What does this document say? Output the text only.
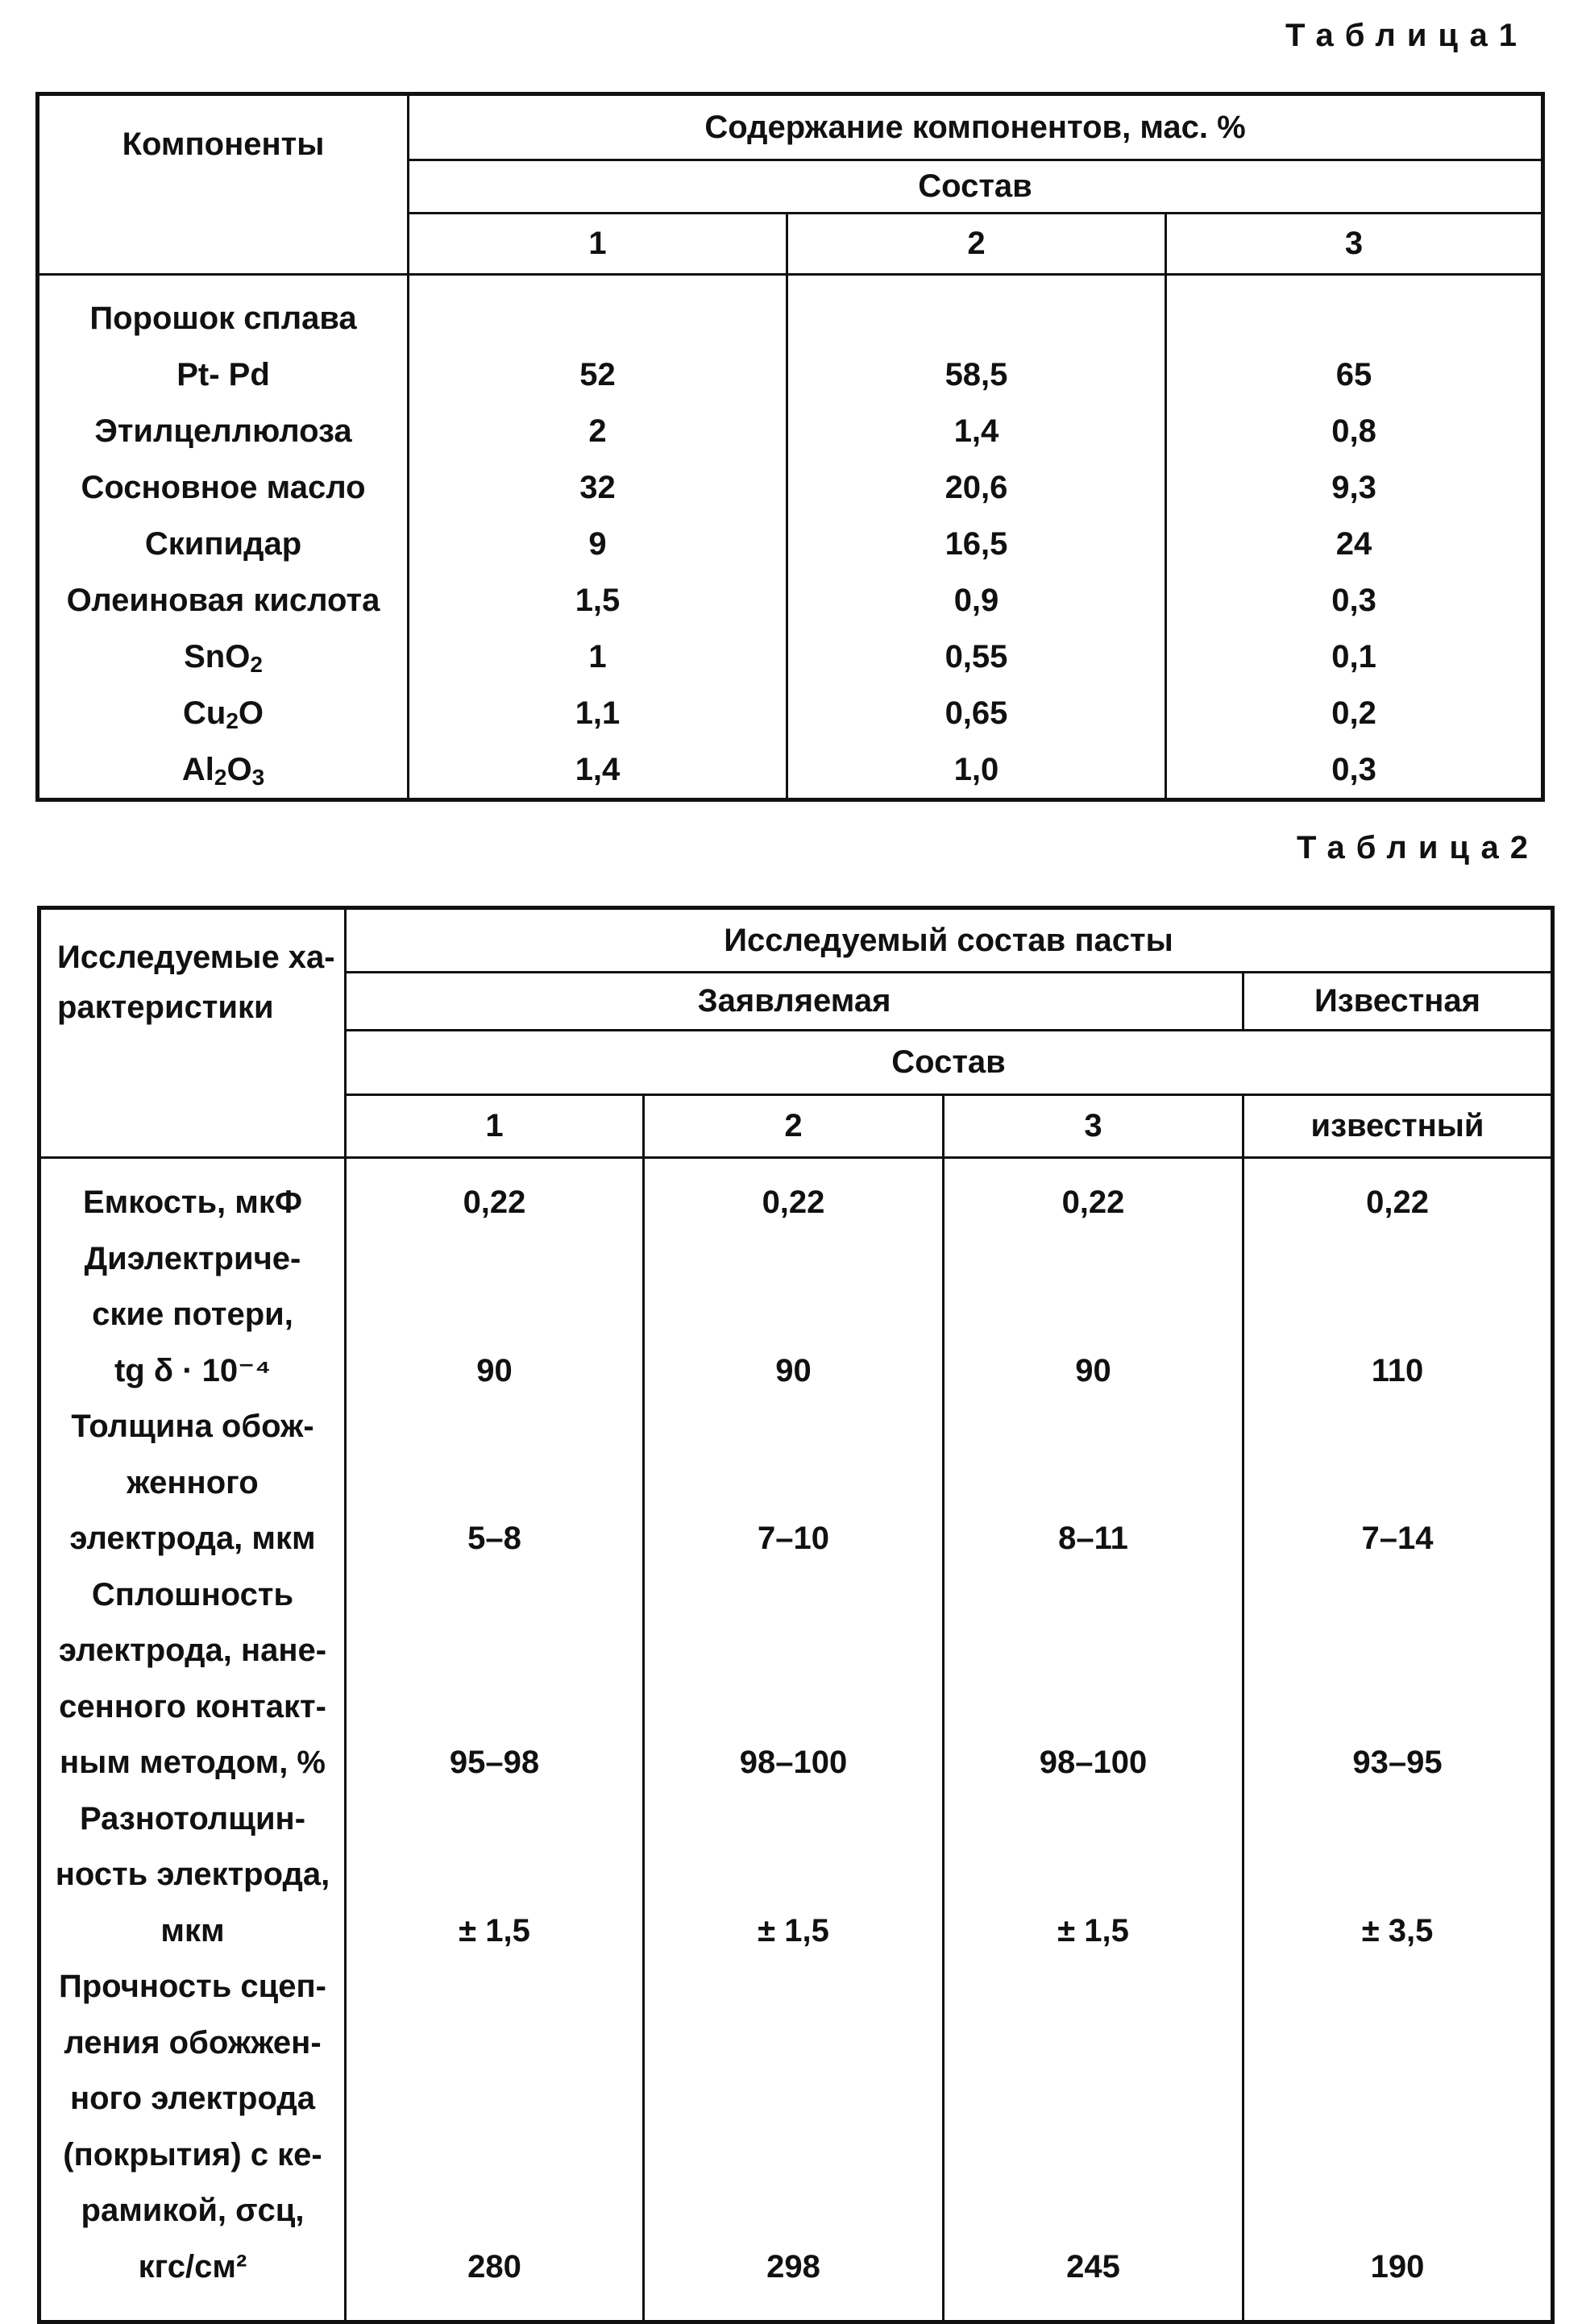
Таблица1
Компоненты	Содержание компонентов, мас. %
Состав
1	2	3

Порошок сплава
Pt- Pd
Этилцеллюлоза
Сосновное масло
Скипидар
Олеиновая кислота
SnO2
Cu2O
Al2O3

52
2
32
9
1,5
1
1,1
1,4

58,5
1,4
20,6
16,5
0,9
0,55
0,65
1,0

65
0,8
9,3
24
0,3
0,1
0,2
0,3
Таблица2
Исследуемые ха-
рактеристики
	Исследуемый состав пасты
Заявляемая	Известная
Состав
1	2	3	известный

Емкость, мкФ
Диэлектриче-
ские потери,
tg δ · 10⁻⁴
Толщина обож-
женного
электрода, мкм
Сплошность
электрода, нане-
сенного контакт-
ным методом, %
Разнотолщин-
ность электрода,
мкм
Прочность сцеп-
ления обожжен-
ного электрода
(покрытия) с ке-
рамикой, σсц,
кгс/см²

0,22
90
5–8
95–98
± 1,5
280

0,22
90
7–10
98–100
± 1,5
298

0,22
90
8–11
98–100
± 1,5
245

0,22
110
7–14
93–95
± 3,5
190
